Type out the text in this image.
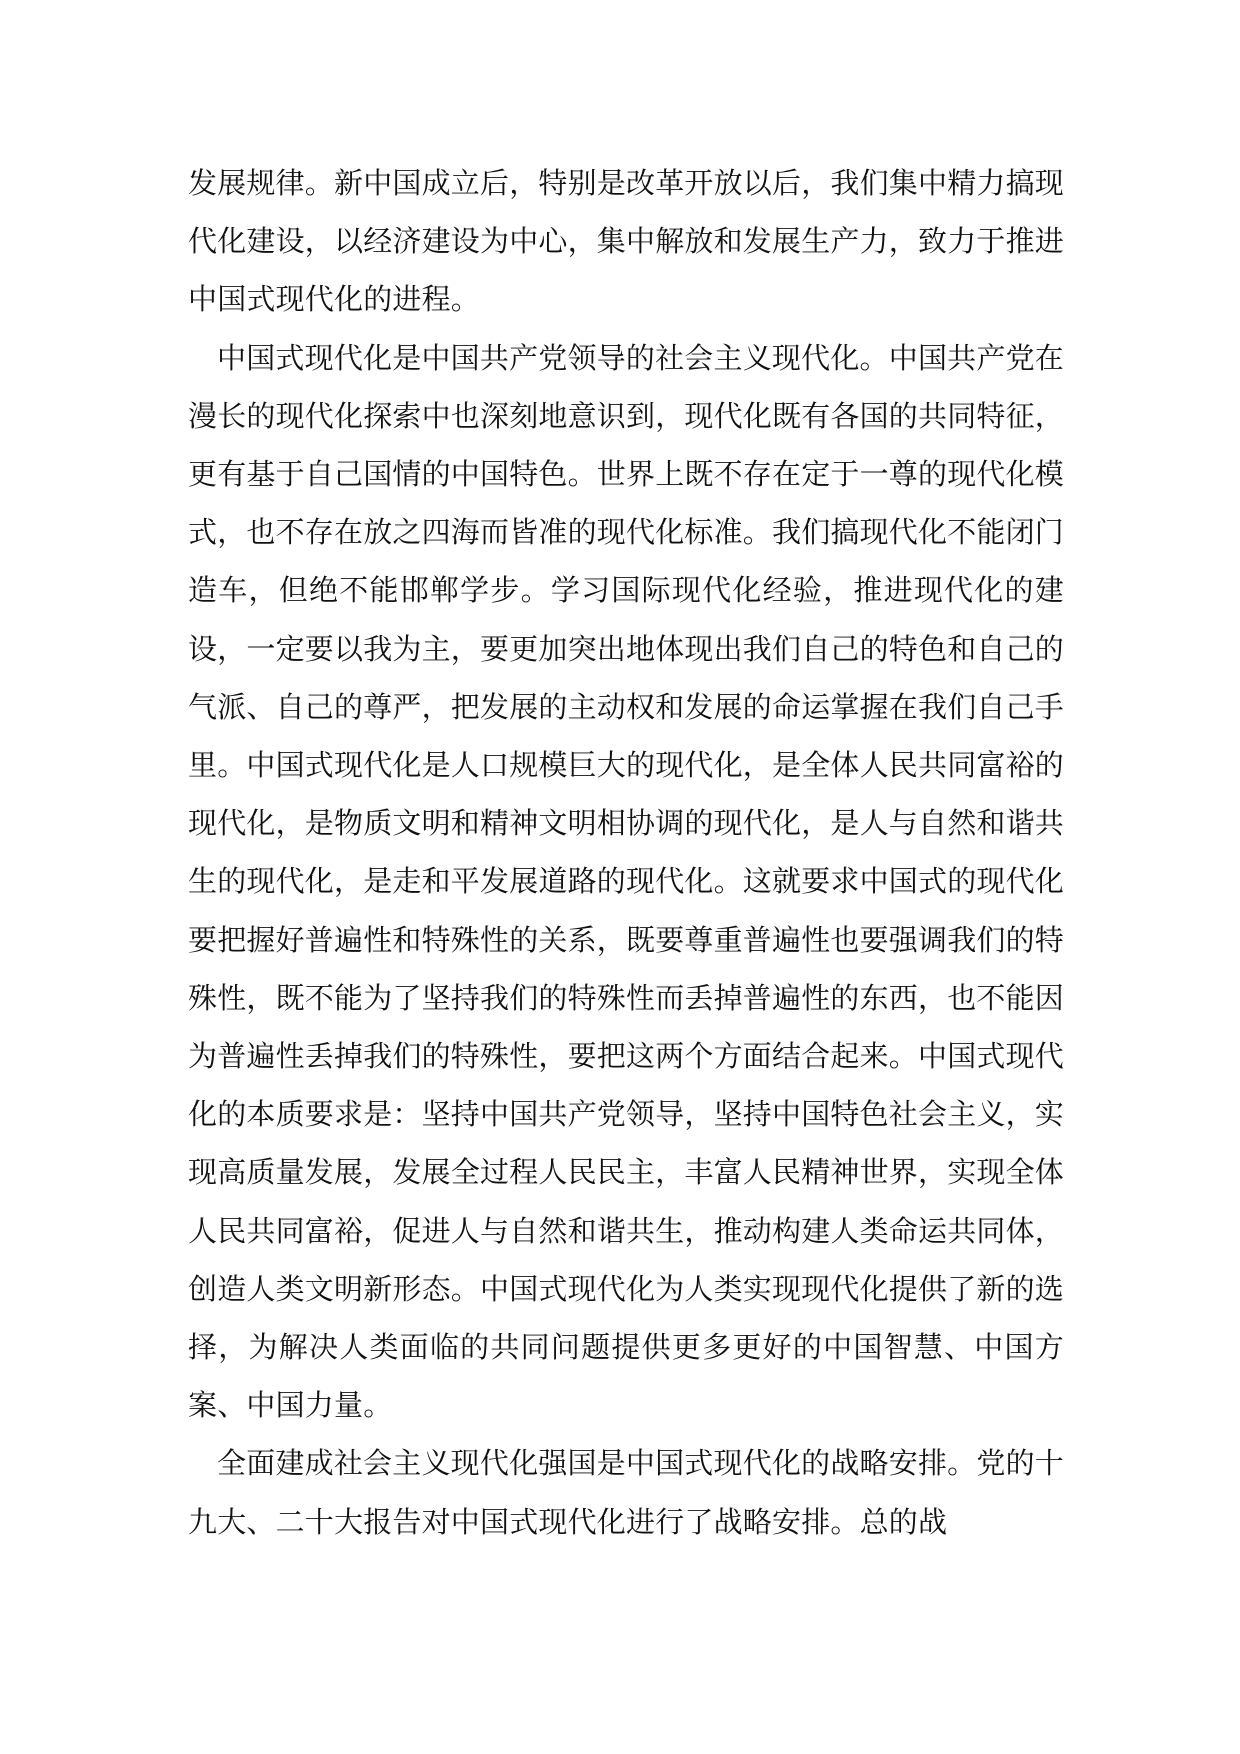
发展规律。新中国成立后，特别是改革开放以后，我们集中精力搞现代化建设，以经济建设为中心，集中解放和发展生产力，致力于推进中国式现代化的进程。

中国式现代化是中国共产党领导的社会主义现代化。中国共产党在漫长的现代化探索中也深刻地意识到，现代化既有各国的共同特征，更有基于自己国情的中国特色。世界上既不存在定于一尊的现代化模式，也不存在放之四海而皆准的现代化标准。我们搞现代化不能闭门造车，但绝不能邯郸学步。学习国际现代化经验，推进现代化的建设，一定要以我为主，要更加突出地体现出我们自己的特色和自己的气派、自己的尊严，把发展的主动权和发展的命运掌握在我们自己手里。中国式现代化是人口规模巨大的现代化，是全体人民共同富裕的现代化，是物质文明和精神文明相协调的现代化，是人与自然和谐共生的现代化，是走和平发展道路的现代化。这就要求中国式的现代化要把握好普遍性和特殊性的关系，既要尊重普遍性也要强调我们的特殊性，既不能为了坚持我们的特殊性而丢掉普遍性的东西，也不能因为普遍性丢掉我们的特殊性，要把这两个方面结合起来。中国式现代化的本质要求是：坚持中国共产党领导，坚持中国特色社会主义，实现高质量发展，发展全过程人民民主，丰富人民精神世界，实现全体人民共同富裕，促进人与自然和谐共生，推动构建人类命运共同体，创造人类文明新形态。中国式现代化为人类实现现代化提供了新的选择，为解决人类面临的共同问题提供更多更好的中国智慧、中国方案、中国力量。

全面建成社会主义现代化强国是中国式现代化的战略安排。党的十九大、二十大报告对中国式现代化进行了战略安排。总的战
